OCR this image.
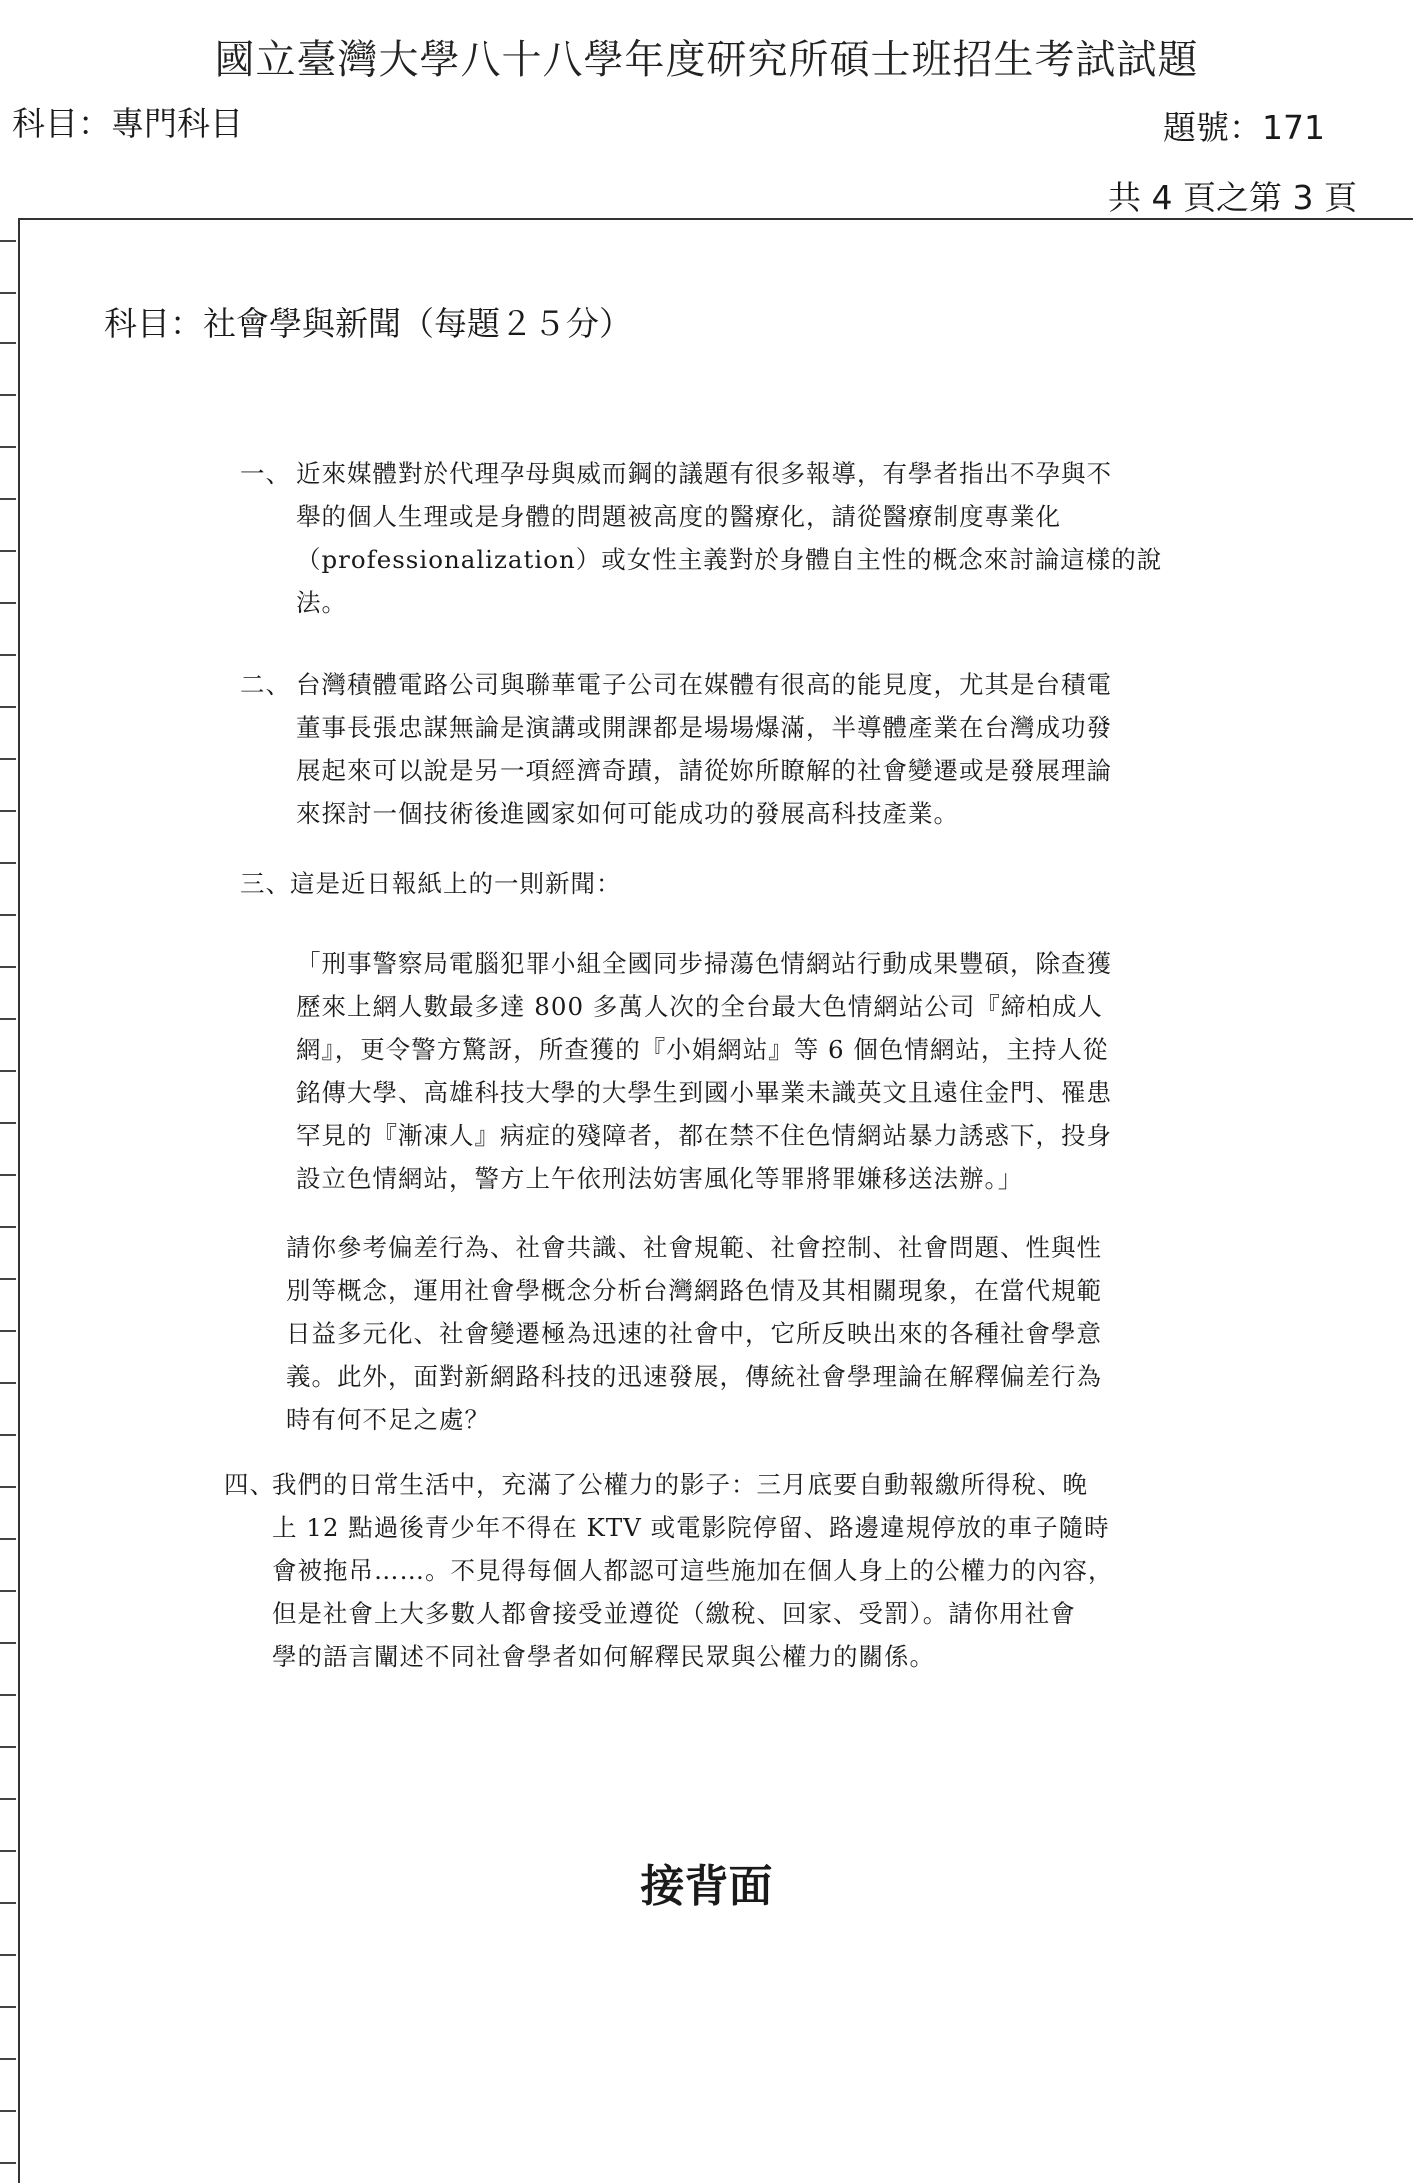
國立臺灣大學八十八學年度研究所碩士班招生考試試題
科目：專門科目	題號：171
共 4 頁之第 3 頁
科目：社會學與新聞（每題２５分）
一、 近來媒體對於代理孕母與威而鋼的議題有很多報導，有學者指出不孕與不
舉的個人生理或是身體的問題被高度的醫療化，請從醫療制度專業化
（professionalization）或女性主義對於身體自主性的概念來討論這樣的說
法。
二、 台灣積體電路公司與聯華電子公司在媒體有很高的能見度，尤其是台積電
董事長張忠謀無論是演講或開課都是場場爆滿，半導體產業在台灣成功發
展起來可以說是另一項經濟奇蹟，請從妳所瞭解的社會變遷或是發展理論
來探討一個技術後進國家如何可能成功的發展高科技產業。
三、 這是近日報紙上的一則新聞：
「刑事警察局電腦犯罪小組全國同步掃蕩色情網站行動成果豐碩，除查獲
歷來上網人數最多達 800 多萬人次的全台最大色情網站公司『締柏成人
網』，更令警方驚訝，所查獲的『小娟網站』等 6 個色情網站，主持人從
銘傳大學、高雄科技大學的大學生到國小畢業未識英文且遠住金門、罹患
罕見的『漸凍人』病症的殘障者，都在禁不住色情網站暴力誘惑下，投身
設立色情網站，警方上午依刑法妨害風化等罪將罪嫌移送法辦。」
請你參考偏差行為、社會共識、社會規範、社會控制、社會問題、性與性
別等概念，運用社會學概念分析台灣網路色情及其相關現象，在當代規範
日益多元化、社會變遷極為迅速的社會中，它所反映出來的各種社會學意
義。此外，面對新網路科技的迅速發展，傳統社會學理論在解釋偏差行為
時有何不足之處？
四、
我們的日常生活中，充滿了公權力的影子：三月底要自動報繳所得稅、晚
上 12 點過後青少年不得在 KTV 或電影院停留、路邊違規停放的車子隨時
會被拖吊……。不見得每個人都認可這些施加在個人身上的公權力的內容，
但是社會上大多數人都會接受並遵從（繳稅、回家、受罰）。請你用社會
學的語言闡述不同社會學者如何解釋民眾與公權力的關係。
接背面
